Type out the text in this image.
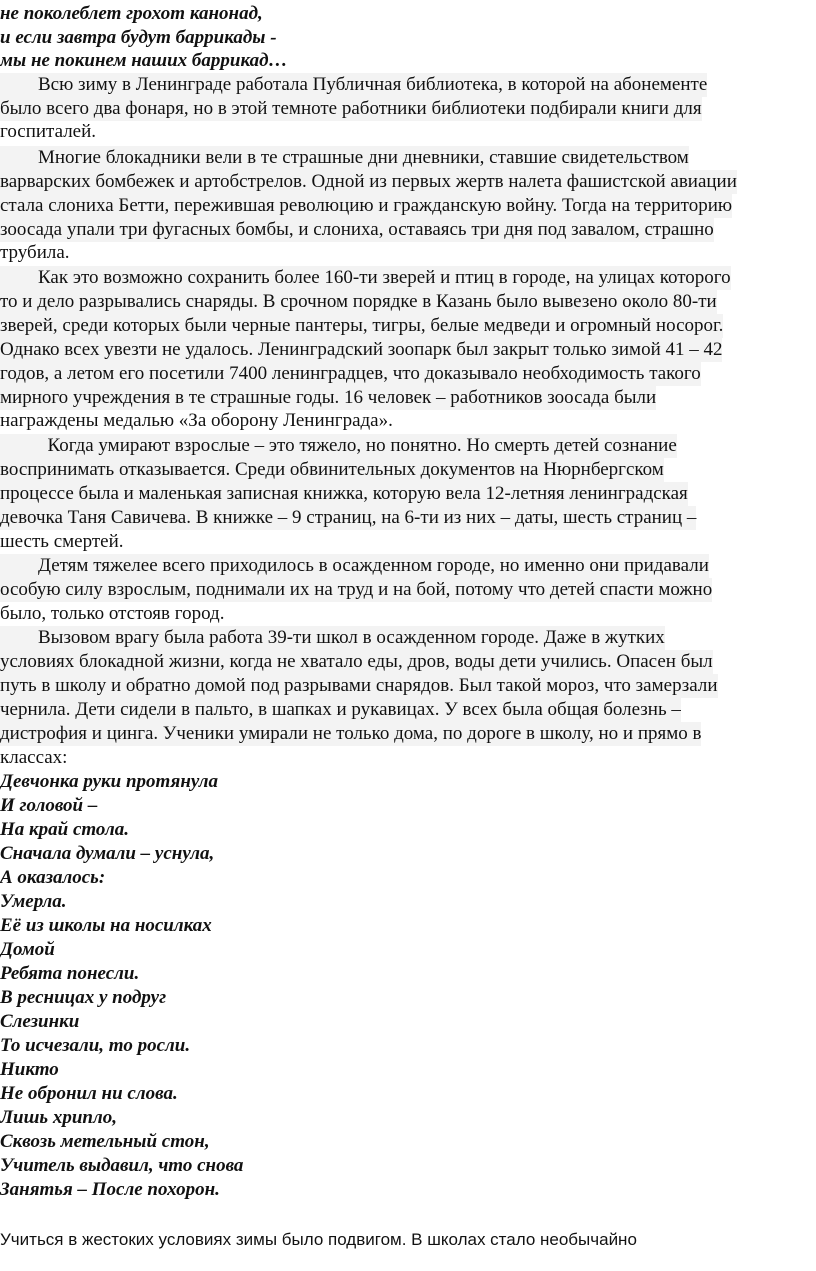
не поколеблет грохот канонад,
и если завтра будут баррикады -
мы не покинем наших баррикад…
Всю зиму в Ленинграде работала Публичная библиотека, в которой на абонементе
было всего два фонаря, но в этой темноте работники библиотеки подбирали книги для
госпиталей.
Многие блокадники вели в те страшные дни дневники, ставшие свидетельством
варварских бомбежек и артобстрелов. Одной из первых жертв налета фашистской авиации
стала слониха Бетти, пережившая революцию и гражданскую войну. Тогда на территорию
зоосада упали три фугасных бомбы, и слониха, оставаясь три дня под завалом, страшно
трубила.
Как это возможно сохранить более 160-ти зверей и птиц в городе, на улицах которого
то и дело разрывались снаряды. В срочном порядке в Казань было вывезено около 80-ти
зверей, среди которых были черные пантеры, тигры, белые медведи и огромный носорог.
Однако всех увезти не удалось. Ленинградский зоопарк был закрыт только зимой 41 – 42
годов, а летом его посетили 7400 ленинградцев, что доказывало необходимость такого
мирного учреждения в те страшные годы. 16 человек – работников зоосада были
награждены медалью «За оборону Ленинграда».
Когда умирают взрослые – это тяжело, но понятно. Но смерть детей сознание
воспринимать отказывается. Среди обвинительных документов на Нюрнбергском
процессе была и маленькая записная книжка, которую вела 12-летняя ленинградская
девочка Таня Савичева. В книжке – 9 страниц, на 6-ти из них – даты, шесть страниц –
шесть смертей.
Детям тяжелее всего приходилось в осажденном городе, но именно они придавали
особую силу взрослым, поднимали их на труд и на бой, потому что детей спасти можно
было, только отстояв город.
Вызовом врагу была работа 39-ти школ в осажденном городе. Даже в жутких
условиях блокадной жизни, когда не хватало еды, дров, воды дети учились. Опасен был
путь в школу и обратно домой под разрывами снарядов. Был такой мороз, что замерзали
чернила. Дети сидели в пальто, в шапках и рукавицах. У всех была общая болезнь –
дистрофия и цинга. Ученики умирали не только дома, по дороге в школу, но и прямо в
классах:
Девчонка руки протянула
И головой –
На край стола.
Сначала думали – уснула,
А оказалось:
Умерла.
Её из школы на носилках
Домой
Ребята понесли.
В ресницах у подруг
Слезинки
То исчезали, то росли.
Никто
Не обронил ни слова.
Лишь хрипло,
Сквозь метельный стон,
Учитель выдавил, что снова
Занятья – После похорон.
Учиться в жестоких условиях зимы было подвигом. В школах стало необычайно
